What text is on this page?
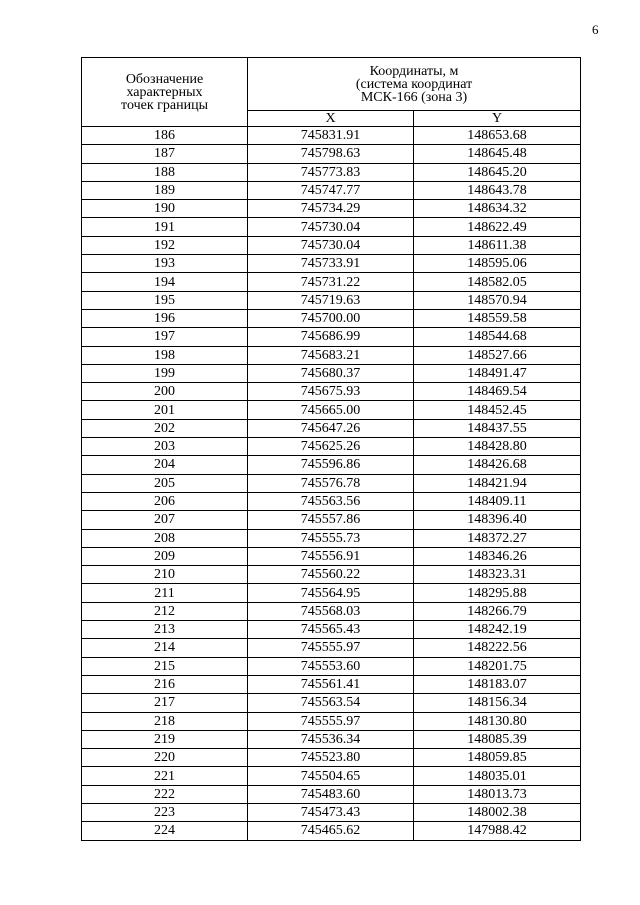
6
Обозначение
характерных
точек границы	Координаты, м
(система координат
МСК-166 (зона 3)	

	X	Y
186	745831.91	148653.68
187	745798.63	148645.48
188	745773.83	148645.20
189	745747.77	148643.78
190	745734.29	148634.32
191	745730.04	148622.49
192	745730.04	148611.38
193	745733.91	148595.06
194	745731.22	148582.05
195	745719.63	148570.94
196	745700.00	148559.58
197	745686.99	148544.68
198	745683.21	148527.66
199	745680.37	148491.47
200	745675.93	148469.54
201	745665.00	148452.45
202	745647.26	148437.55
203	745625.26	148428.80
204	745596.86	148426.68
205	745576.78	148421.94
206	745563.56	148409.11
207	745557.86	148396.40
208	745555.73	148372.27
209	745556.91	148346.26
210	745560.22	148323.31
211	745564.95	148295.88
212	745568.03	148266.79
213	745565.43	148242.19
214	745555.97	148222.56
215	745553.60	148201.75
216	745561.41	148183.07
217	745563.54	148156.34
218	745555.97	148130.80
219	745536.34	148085.39
220	745523.80	148059.85
221	745504.65	148035.01
222	745483.60	148013.73
223	745473.43	148002.38
224	745465.62	147988.42
